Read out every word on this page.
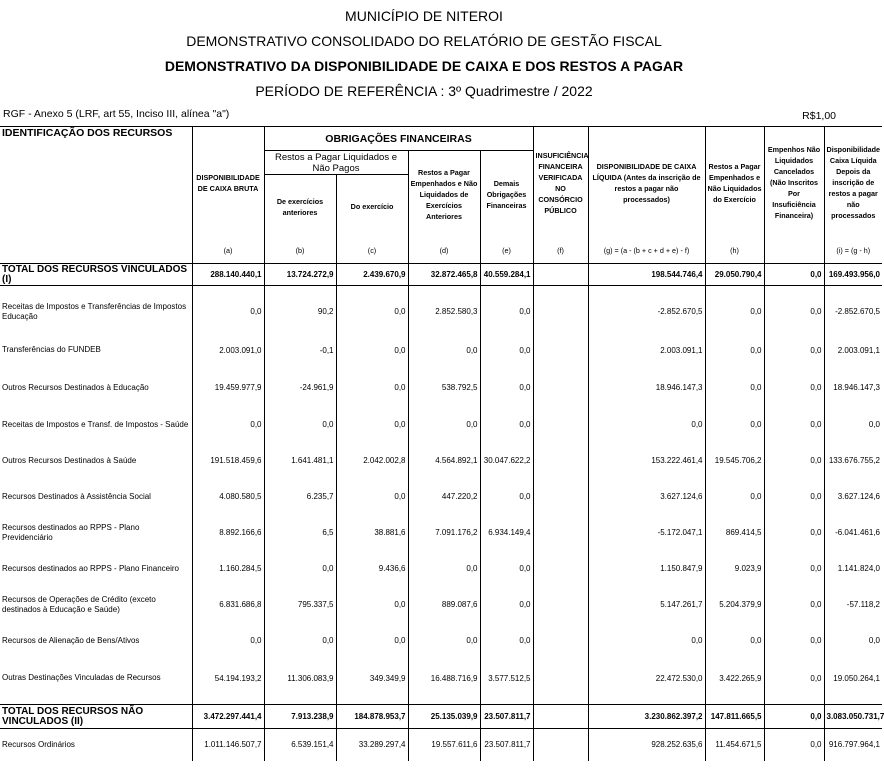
MUNICÍPIO DE NITEROI
DEMONSTRATIVO CONSOLIDADO DO RELATÓRIO DE GESTÃO FISCAL
DEMONSTRATIVO DA DISPONIBILIDADE DE CAIXA E DOS RESTOS A PAGAR
PERÍODO DE REFERÊNCIA : 3º Quadrimestre / 2022
RGF - Anexo 5 (LRF, art 55, Inciso III, alínea "a")	R$1,00
IDENTIFICAÇÃO DOS RECURSOS	DISPONIBILIDADE DE CAIXA BRUTA	OBRIGAÇÕES FINANCEIRAS				INSUFICIÊNCIA FINANCEIRA VERIFICADA NO CONSÓRCIO PÚBLICO	DISPONIBILIDADE DE CAIXA LÍQUIDA (Antes da inscrição de restos a pagar não processados)	Restos a Pagar Empenhados e Não Liquidados do Exercício	Empenhos Não Liquidados Cancelados (Não Inscritos Por Insuficiência Financeira)	Disponibilidade Caixa Líquida Depois da inscrição de restos a pagar não processados
		Restos a Pagar Liquidados e Não Pagos		Restos a Pagar Empenhados e Não Liquidados de Exercícios Anteriores	Demais Obrigações Financeiras					
		De exercícios anteriores	Do exercício							
	(a)	(b)	(c)	(d)	(e)	(f)	(g) = (a - (b + c + d + e) - f)	(h)		(i) = (g - h)
TOTAL DOS RECURSOS VINCULADOS (I)	288.140.440,1	13.724.272,9	2.439.670,9	32.872.465,8	40.559.284,1		198.544.746,4	29.050.790,4	0,0	169.493.956,0
Receitas de Impostos e Transferências de Impostos Educação	0,0	90,2	0,0	2.852.580,3	0,0		-2.852.670,5	0,0	0,0	-2.852.670,5
Transferências do FUNDEB	2.003.091,0	-0,1	0,0	0,0	0,0		2.003.091,1	0,0	0,0	2.003.091,1
Outros Recursos Destinados à Educação	19.459.977,9	-24.961,9	0,0	538.792,5	0,0		18.946.147,3	0,0	0,0	18.946.147,3
Receitas de Impostos e Transf. de Impostos - Saúde	0,0	0,0	0,0	0,0	0,0		0,0	0,0	0,0	0,0
Outros Recursos Destinados à Saúde	191.518.459,6	1.641.481,1	2.042.002,8	4.564.892,1	30.047.622,2		153.222.461,4	19.545.706,2	0,0	133.676.755,2
Recursos Destinados à Assistência Social	4.080.580,5	6.235,7	0,0	447.220,2	0,0		3.627.124,6	0,0	0,0	3.627.124,6
Recursos destinados ao RPPS - Plano Previdenciário	8.892.166,6	6,5	38.881,6	7.091.176,2	6.934.149,4		-5.172.047,1	869.414,5	0,0	-6.041.461,6
Recursos destinados ao RPPS - Plano Financeiro	1.160.284,5	0,0	9.436,6	0,0	0,0		1.150.847,9	9.023,9	0,0	1.141.824,0
Recursos de Operações de Crédito (exceto destinados à Educação e Saúde)	6.831.686,8	795.337,5	0,0	889.087,6	0,0		5.147.261,7	5.204.379,9	0,0	-57.118,2
Recursos de Alienação de Bens/Ativos	0,0	0,0	0,0	0,0	0,0		0,0	0,0	0,0	0,0
Outras Destinações Vinculadas de Recursos	54.194.193,2	11.306.083,9	349.349,9	16.488.716,9	3.577.512,5		22.472.530,0	3.422.265,9	0,0	19.050.264,1
TOTAL DOS RECURSOS NÃO VINCULADOS (II)	3.472.297.441,4	7.913.238,9	184.878.953,7	25.135.039,9	23.507.811,7		3.230.862.397,2	147.811.665,5	0,0	3.083.050.731,7
Recursos Ordinários	1.011.146.507,7	6.539.151,4	33.289.297,4	19.557.611,6	23.507.811,7		928.252.635,6	11.454.671,5	0,0	916.797.964,1
